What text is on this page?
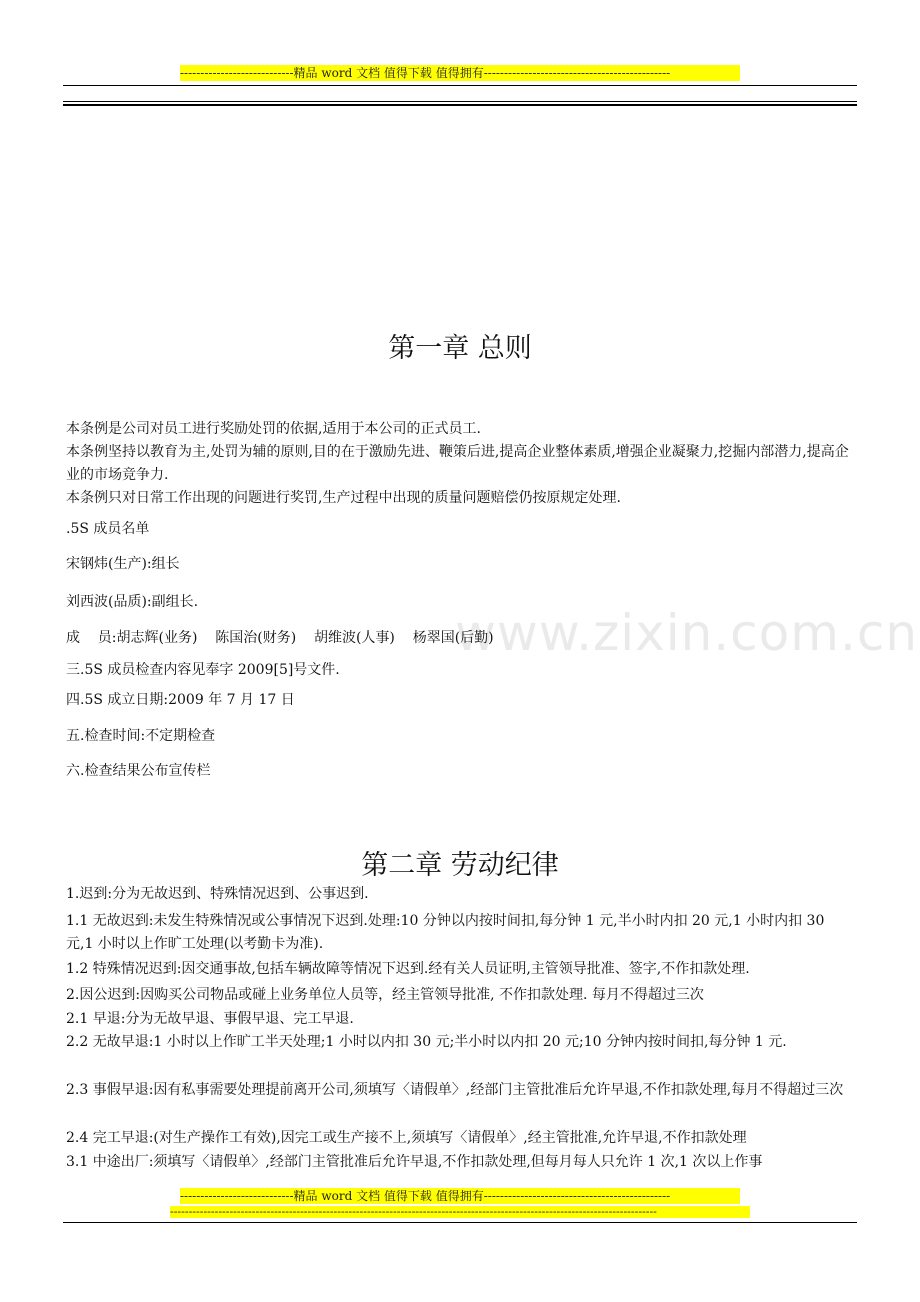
----------------------------精品 word 文档 值得下载 值得拥有----------------------------------------------
www.zixin.com.cn
第一章 总则

本条例是公司对员工进行奖励处罚的依据,适用于本公司的正式员工.

本条例坚持以教育为主,处罚为辅的原则,目的在于激励先进、鞭策后进,提高企业整体素质,增强企业凝聚力,挖掘内部潜力,提高企业的市场竞争力.

本条例只对日常工作出现的问题进行奖罚,生产过程中出现的质量问题赔偿仍按原规定处理.

.5S 成员名单

宋钢炜(生产):组长

刘西波(品质):副组长.

成    员:胡志辉(业务)    陈国治(财务)    胡维波(人事)    杨翠国(后勤)

三.5S 成员检查内容见奉字 2009[5]号文件.

四.5S 成立日期:2009 年 7 月 17 日

五.检查时间:不定期检查

六.检查结果公布宣传栏

第二章 劳动纪律

1.迟到:分为无故迟到、特殊情况迟到、公事迟到.

1.1 无故迟到:未发生特殊情况或公事情况下迟到.处理:10 分钟以内按时间扣,每分钟 1 元,半小时内扣 20 元,1 小时内扣 30 元,1 小时以上作旷工处理(以考勤卡为准).

1.2 特殊情况迟到:因交通事故,包括车辆故障等情况下迟到.经有关人员证明,主管领导批准、签字,不作扣款处理.

2.因公迟到:因购买公司物品或碰上业务单位人员等，经主管领导批准, 不作扣款处理. 每月不得超过三次

2.1 早退:分为无故早退、事假早退、完工早退.

2.2 无故早退:1 小时以上作旷工半天处理;1 小时以内扣 30 元;半小时以内扣 20 元;10 分钟内按时间扣,每分钟 1 元.

2.3 事假早退:因有私事需要处理提前离开公司,须填写〈请假单〉,经部门主管批准后允许早退,不作扣款处理,每月不得超过三次

2.4 完工早退:(对生产操作工有效),因完工或生产接不上,须填写〈请假单〉,经主管批准,允许早退,不作扣款处理

3.1 中途出厂:须填写〈请假单〉,经部门主管批准后允许早退,不作扣款处理,但每月每人只允许 1 次,1 次以上作事

----------------------------精品 word 文档 值得下载 值得拥有----------------------------------------------
-----------------------------------------------------------------------------------------------------------------------------------
